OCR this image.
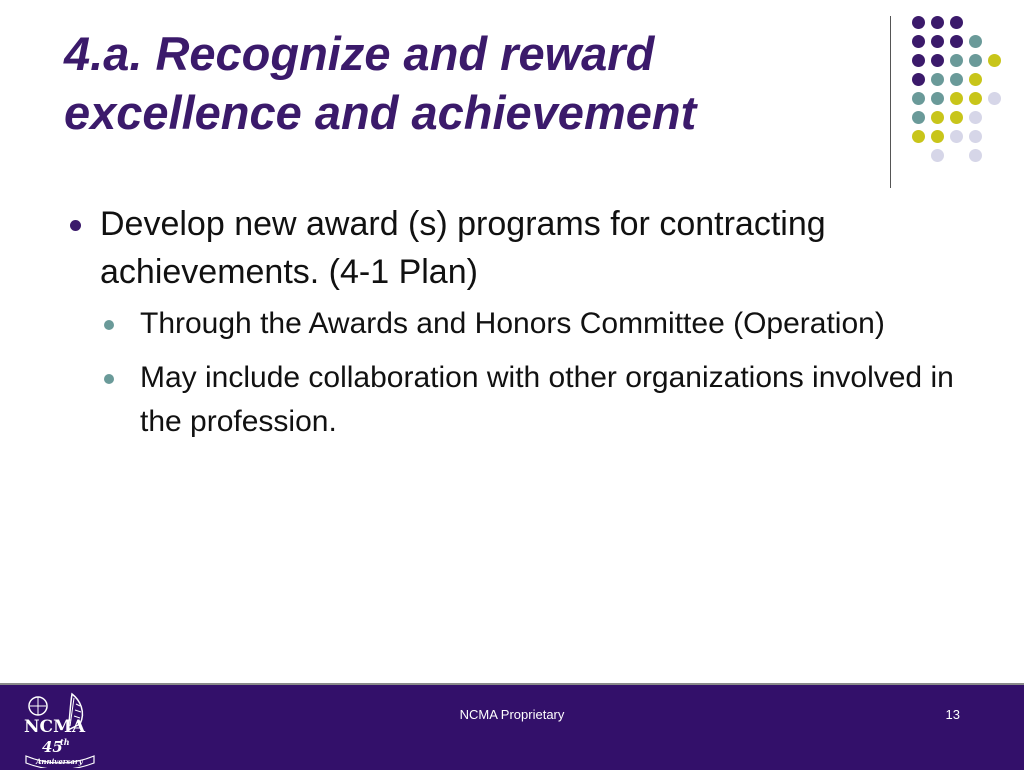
4.a. Recognize and reward
excellence and achievement
Develop new award (s) programs for contracting achievements. (4-1 Plan)
Through the Awards and Honors Committee (Operation)
May include collaboration with other organizations involved in the profession.
NCMA
45
th
Anniversary
NCMA Proprietary	13
